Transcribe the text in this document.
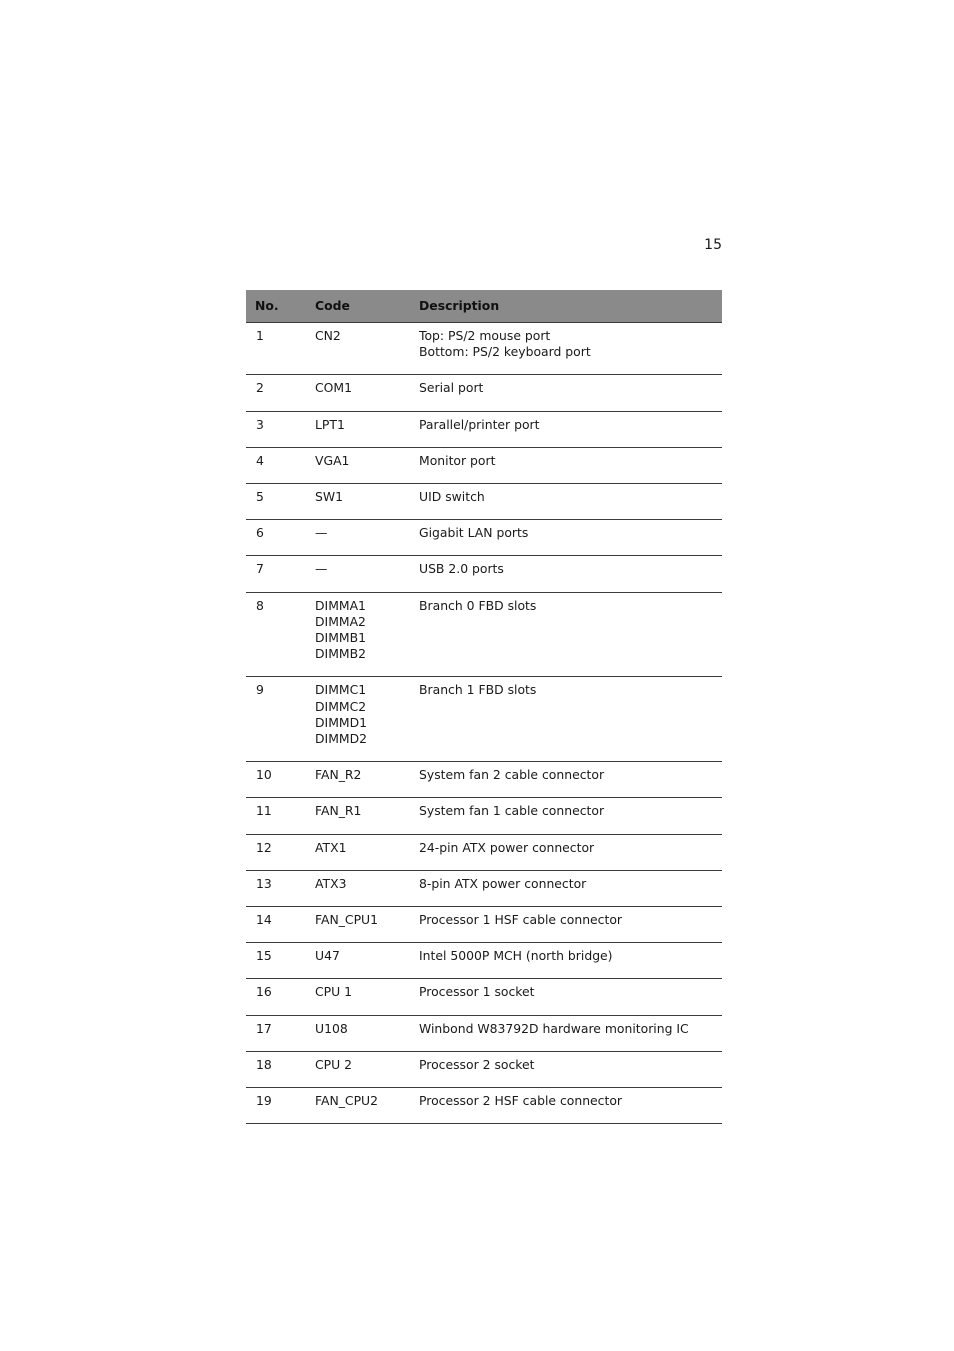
15
No.	Code	Description
1	CN2	Top: PS/2 mouse port
Bottom: PS/2 keyboard port

2	COM1	Serial port

3	LPT1	Parallel/printer port

4	VGA1	Monitor port

5	SW1	UID switch

6	—	Gigabit LAN ports

7	—	USB 2.0 ports

8	DIMMA1
DIMMA2
DIMMB1
DIMMB2	Branch 0 FBD slots

9	DIMMC1
DIMMC2
DIMMD1
DIMMD2	Branch 1 FBD slots

10	FAN_R2	System fan 2 cable connector

11	FAN_R1	System fan 1 cable connector

12	ATX1	24-pin ATX power connector

13	ATX3	8-pin ATX power connector

14	FAN_CPU1	Processor 1 HSF cable connector

15	U47	Intel 5000P MCH (north bridge)

16	CPU 1	Processor 1 socket

17	U108	Winbond W83792D hardware monitoring IC

18	CPU 2	Processor 2 socket

19	FAN_CPU2	Processor 2 HSF cable connector
